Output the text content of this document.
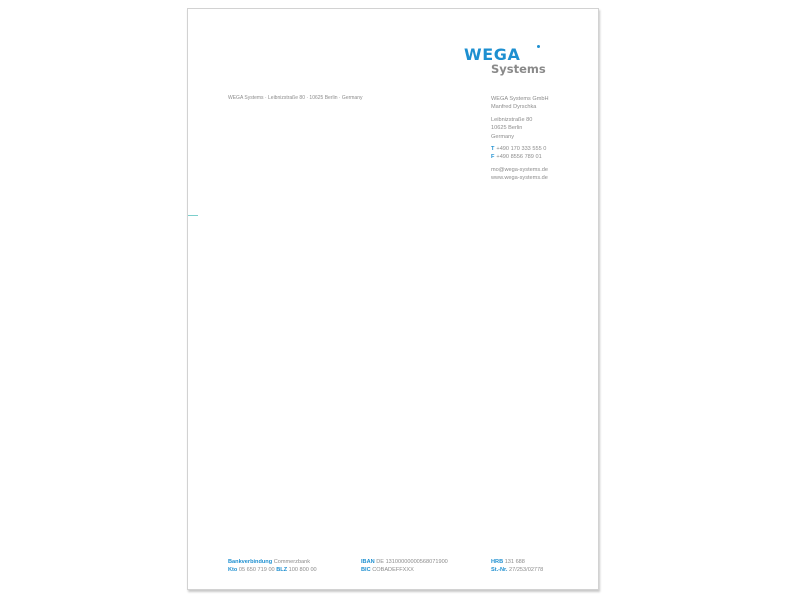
WEGA
Systems
WEGA Systems · Leibnizstraße 80 · 10625 Berlin · Germany	WEGA Systems GmbH
Manfred Dyrschka
Leibnizstraße 80
10625 Berlin
Germany
T +490 170 333 555 0
F +490 8556 789 01
mo@wega-systems.de
www.wega-systems.de
Bankverbindung Commerzbank
Kto 05 650 719 00 BLZ 100 800 00
IBAN DE 13100000000568071900
BIC COBADEFFXXX
HRB 131 688
St.-Nr. 27/253/02778
